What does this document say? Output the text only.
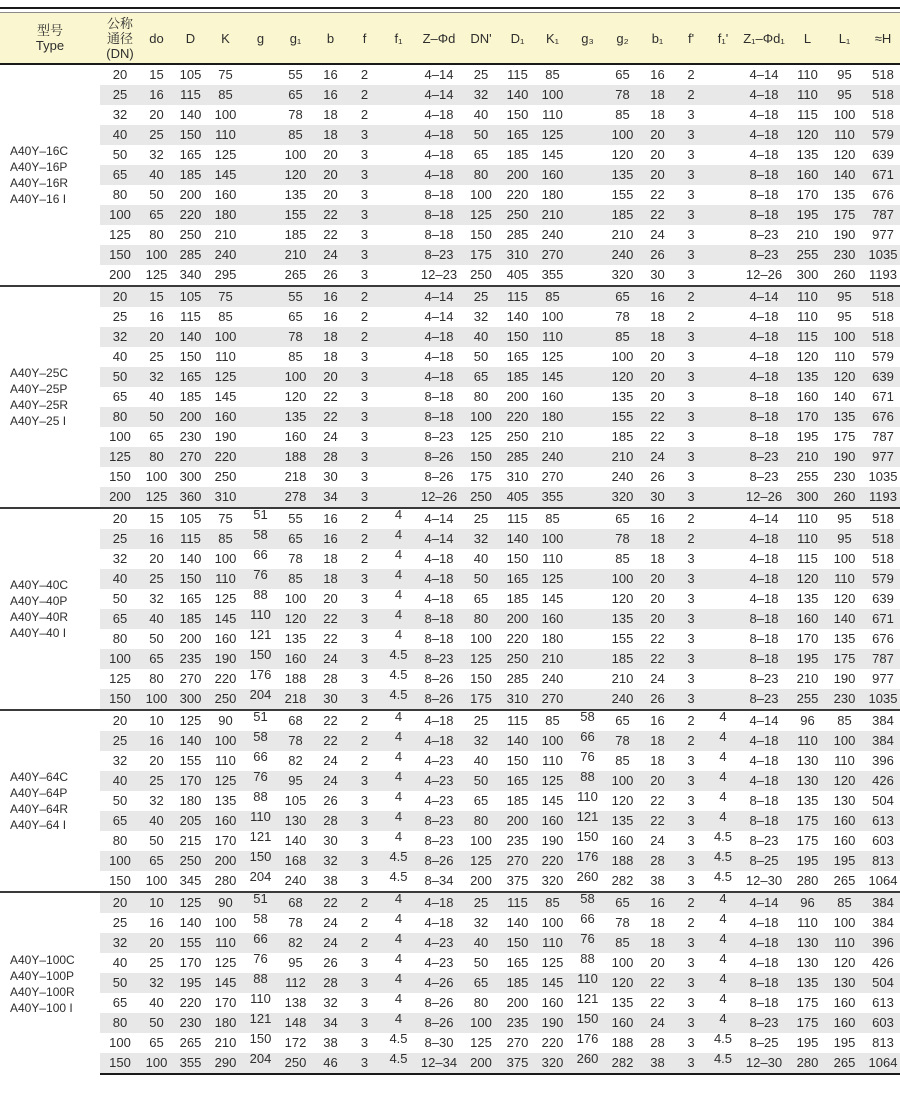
型号
Type	公称
通径
(DN)	do	D	K	g	g₁	b	f	f₁	Z–Φd	DN'	D₁	K₁	g₃	g₂	b₁	f'	f₁'	Z₁–Φd₁	L	L₁	≈H

A40Y–16C
A40Y–16P
A40Y–16R
A40Y–16 I	20	15	105	75		55	16	2		4–14	25	115	85		65	16	2		4–14	110	95	518
	25	16	115	85		65	16	2		4–14	32	140	100		78	18	2		4–18	110	95	518
	32	20	140	100		78	18	2		4–18	40	150	110		85	18	3		4–18	115	100	518
	40	25	150	110		85	18	3		4–18	50	165	125		100	20	3		4–18	120	110	579
	50	32	165	125		100	20	3		4–18	65	185	145		120	20	3		4–18	135	120	639
	65	40	185	145		120	20	3		4–18	80	200	160		135	20	3		8–18	160	140	671
	80	50	200	160		135	20	3		8–18	100	220	180		155	22	3		8–18	170	135	676
	100	65	220	180		155	22	3		8–18	125	250	210		185	22	3		8–18	195	175	787
	125	80	250	210		185	22	3		8–18	150	285	240		210	24	3		8–23	210	190	977
	150	100	285	240		210	24	3		8–23	175	310	270		240	26	3		8–23	255	230	1035
	200	125	340	295		265	26	3		12–23	250	405	355		320	30	3		12–26	300	260	1193

A40Y–25C
A40Y–25P
A40Y–25R
A40Y–25 I	20	15	105	75		55	16	2		4–14	25	115	85		65	16	2		4–14	110	95	518
	25	16	115	85		65	16	2		4–14	32	140	100		78	18	2		4–18	110	95	518
	32	20	140	100		78	18	2		4–18	40	150	110		85	18	3		4–18	115	100	518
	40	25	150	110		85	18	3		4–18	50	165	125		100	20	3		4–18	120	110	579
	50	32	165	125		100	20	3		4–18	65	185	145		120	20	3		4–18	135	120	639
	65	40	185	145		120	22	3		8–18	80	200	160		135	20	3		8–18	160	140	671
	80	50	200	160		135	22	3		8–18	100	220	180		155	22	3		8–18	170	135	676
	100	65	230	190		160	24	3		8–23	125	250	210		185	22	3		8–18	195	175	787
	125	80	270	220		188	28	3		8–26	150	285	240		210	24	3		8–23	210	190	977
	150	100	300	250		218	30	3		8–26	175	310	270		240	26	3		8–23	255	230	1035
	200	125	360	310		278	34	3		12–26	250	405	355		320	30	3		12–26	300	260	1193

A40Y–40C
A40Y–40P
A40Y–40R
A40Y–40 I	20	15	105	75	51	55	16	2	4	4–14	25	115	85		65	16	2		4–14	110	95	518
	25	16	115	85	58	65	16	2	4	4–14	32	140	100		78	18	2		4–18	110	95	518
	32	20	140	100	66	78	18	2	4	4–18	40	150	110		85	18	3		4–18	115	100	518
	40	25	150	110	76	85	18	3	4	4–18	50	165	125		100	20	3		4–18	120	110	579
	50	32	165	125	88	100	20	3	4	4–18	65	185	145		120	20	3		4–18	135	120	639
	65	40	185	145	110	120	22	3	4	8–18	80	200	160		135	20	3		8–18	160	140	671
	80	50	200	160	121	135	22	3	4	8–18	100	220	180		155	22	3		8–18	170	135	676
	100	65	235	190	150	160	24	3	4.5	8–23	125	250	210		185	22	3		8–18	195	175	787
	125	80	270	220	176	188	28	3	4.5	8–26	150	285	240		210	24	3		8–23	210	190	977
	150	100	300	250	204	218	30	3	4.5	8–26	175	310	270		240	26	3		8–23	255	230	1035

A40Y–64C
A40Y–64P
A40Y–64R
A40Y–64 I	20	10	125	90	51	68	22	2	4	4–18	25	115	85	58	65	16	2	4	4–14	96	85	384
	25	16	140	100	58	78	22	2	4	4–18	32	140	100	66	78	18	2	4	4–18	110	100	384
	32	20	155	110	66	82	24	2	4	4–23	40	150	110	76	85	18	3	4	4–18	130	110	396
	40	25	170	125	76	95	24	3	4	4–23	50	165	125	88	100	20	3	4	4–18	130	120	426
	50	32	180	135	88	105	26	3	4	4–23	65	185	145	110	120	22	3	4	8–18	135	130	504
	65	40	205	160	110	130	28	3	4	8–23	80	200	160	121	135	22	3	4	8–18	175	160	613
	80	50	215	170	121	140	30	3	4	8–23	100	235	190	150	160	24	3	4.5	8–23	175	160	603
	100	65	250	200	150	168	32	3	4.5	8–26	125	270	220	176	188	28	3	4.5	8–25	195	195	813
	150	100	345	280	204	240	38	3	4.5	8–34	200	375	320	260	282	38	3	4.5	12–30	280	265	1064

A40Y–100C
A40Y–100P
A40Y–100R
A40Y–100 I	20	10	125	90	51	68	22	2	4	4–18	25	115	85	58	65	16	2	4	4–14	96	85	384
	25	16	140	100	58	78	24	2	4	4–18	32	140	100	66	78	18	2	4	4–18	110	100	384
	32	20	155	110	66	82	24	2	4	4–23	40	150	110	76	85	18	3	4	4–18	130	110	396
	40	25	170	125	76	95	26	3	4	4–23	50	165	125	88	100	20	3	4	4–18	130	120	426
	50	32	195	145	88	112	28	3	4	4–26	65	185	145	110	120	22	3	4	8–18	135	130	504
	65	40	220	170	110	138	32	3	4	8–26	80	200	160	121	135	22	3	4	8–18	175	160	613
	80	50	230	180	121	148	34	3	4	8–26	100	235	190	150	160	24	3	4	8–23	175	160	603
	100	65	265	210	150	172	38	3	4.5	8–30	125	270	220	176	188	28	3	4.5	8–25	195	195	813
	150	100	355	290	204	250	46	3	4.5	12–34	200	375	320	260	282	38	3	4.5	12–30	280	265	1064
